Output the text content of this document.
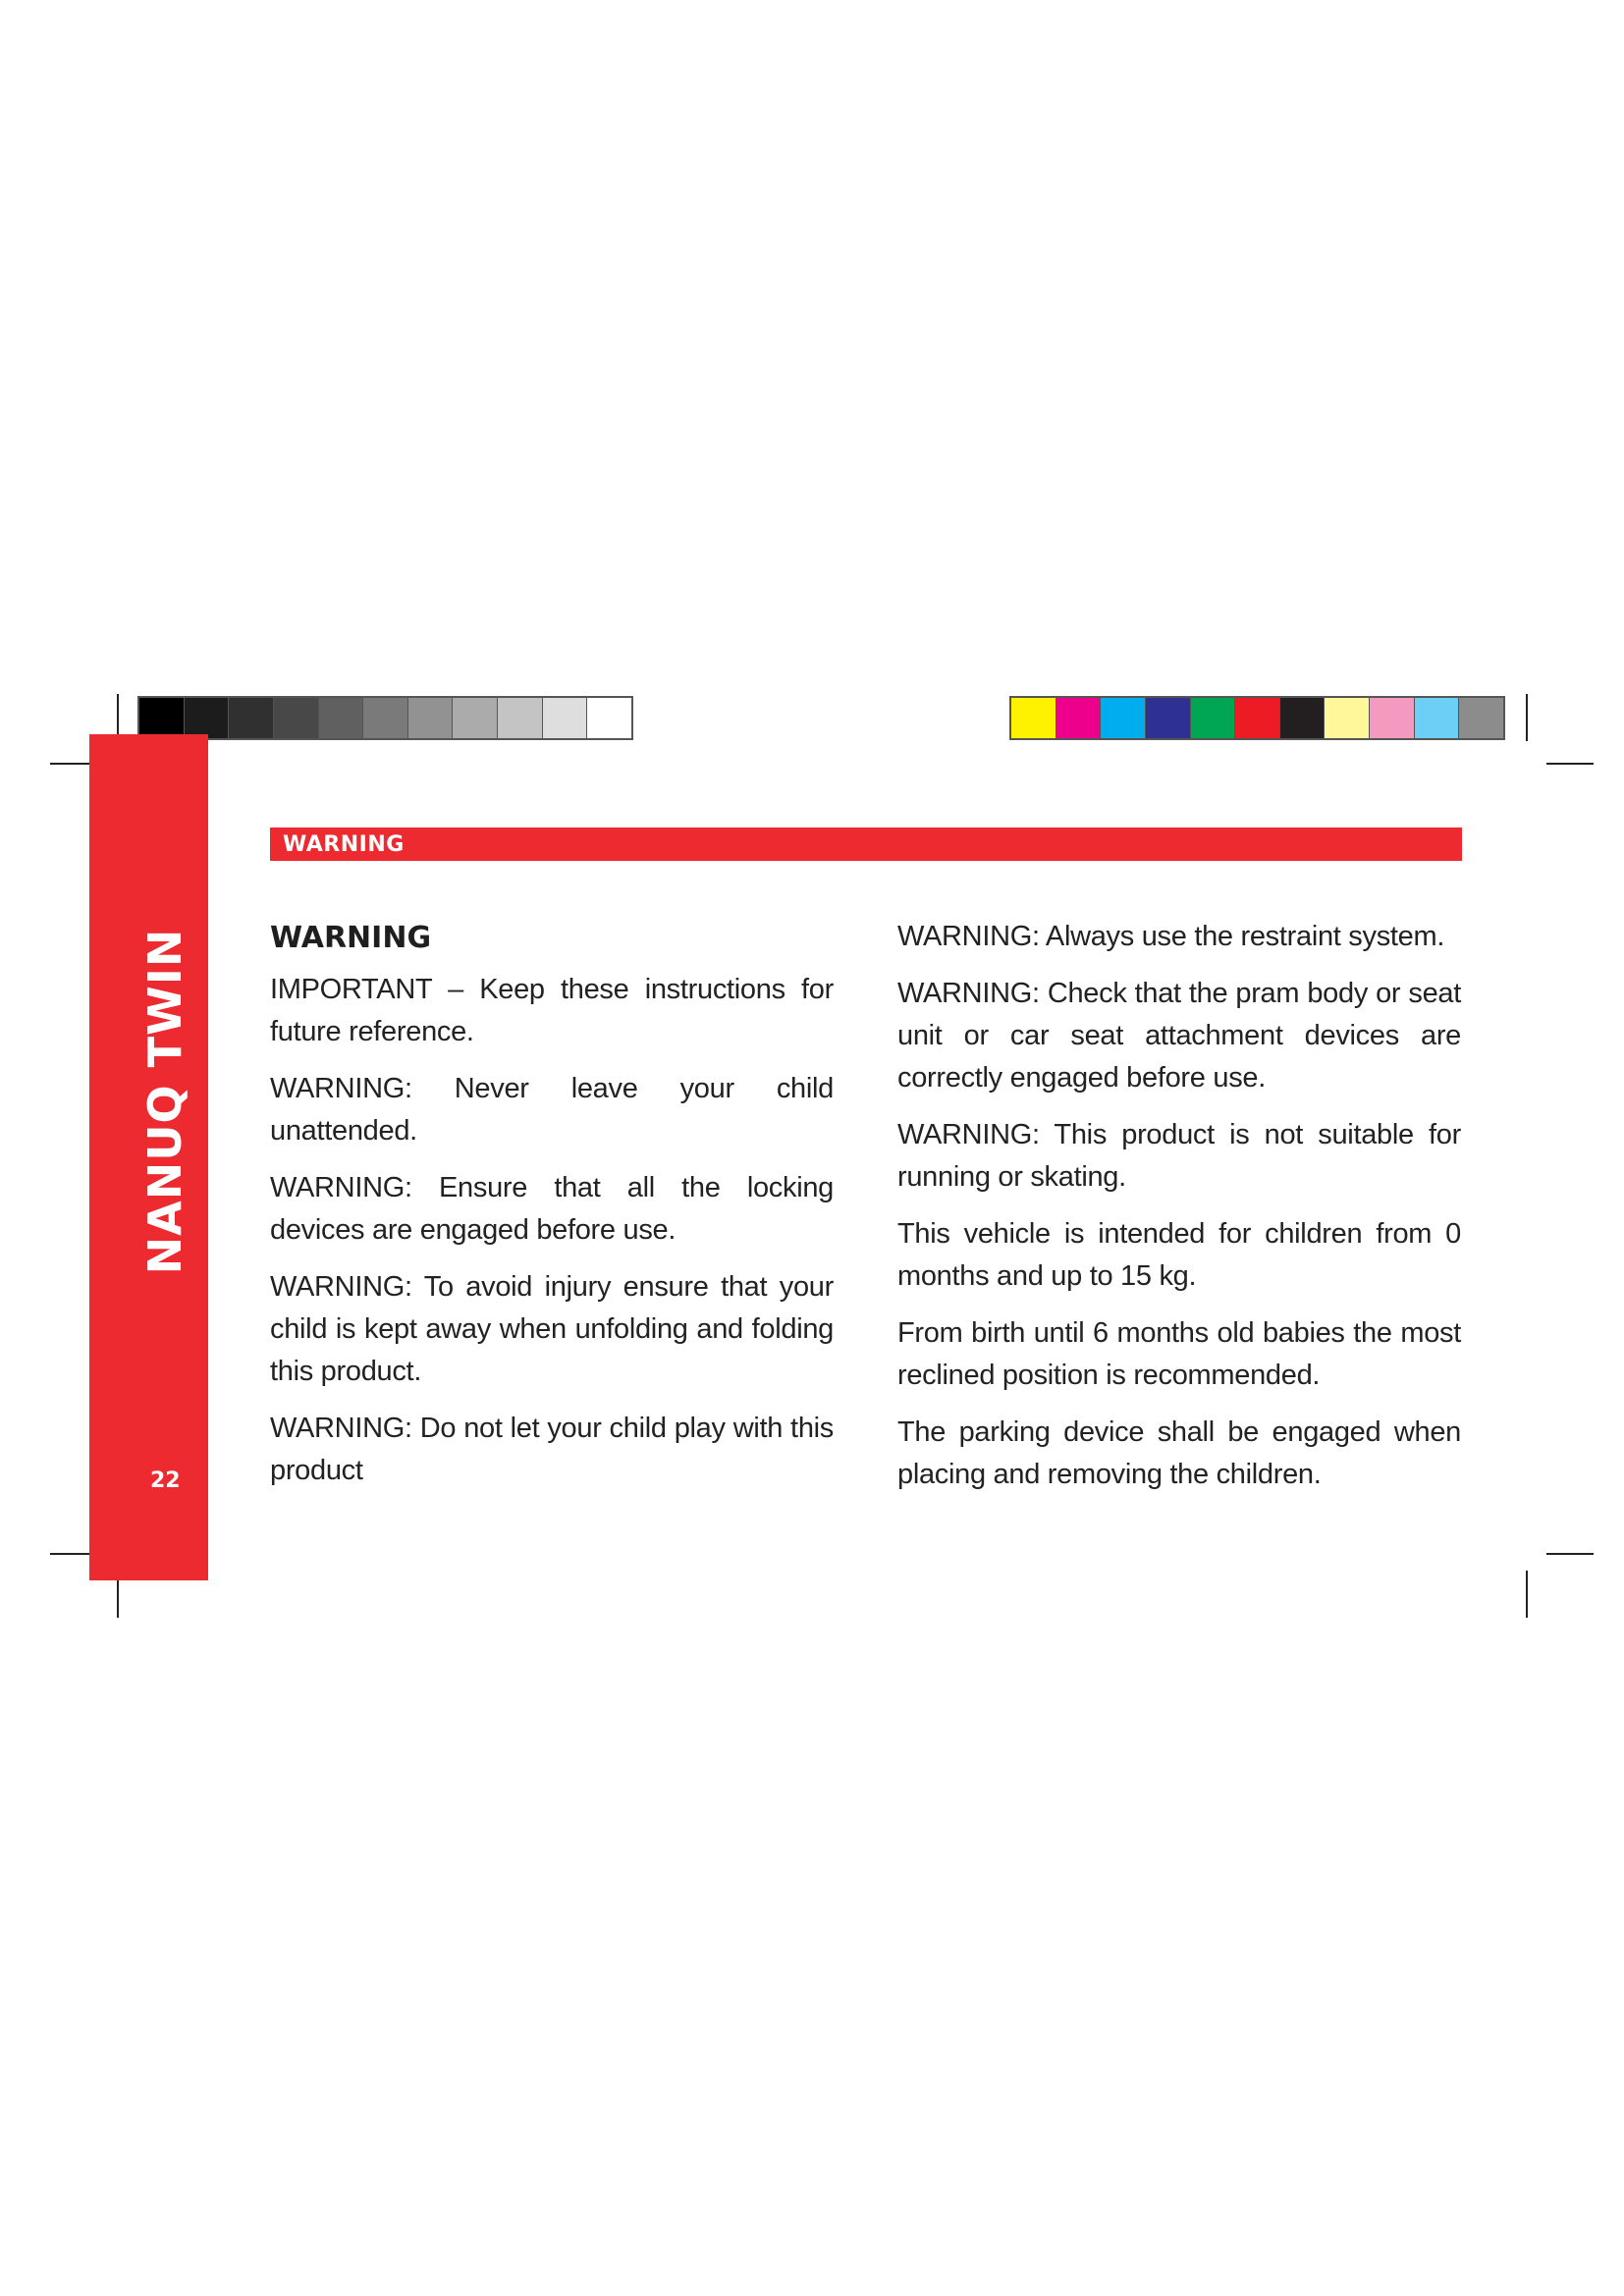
NANUQ TWIN
22
WARNING
WARNING

IMPORTANT – Keep these instructions for future reference.

WARNING: Never leave your child unattended.

WARNING: Ensure that all the locking devices are engaged before use.

WARNING: To avoid injury ensure that your child is kept away when unfolding and folding this product.

WARNING: Do not let your child play with this product

WARNING: Always use the restraint system.

WARNING: Check that the pram body or seat unit or car seat attachment devices are correctly engaged before use.

WARNING: This product is not suitable for running or skating.

This vehicle is intended for children from 0 months and up to 15 kg.

From birth until 6 months old babies the most reclined position is recommended.

The parking device shall be engaged when placing and removing the children.
